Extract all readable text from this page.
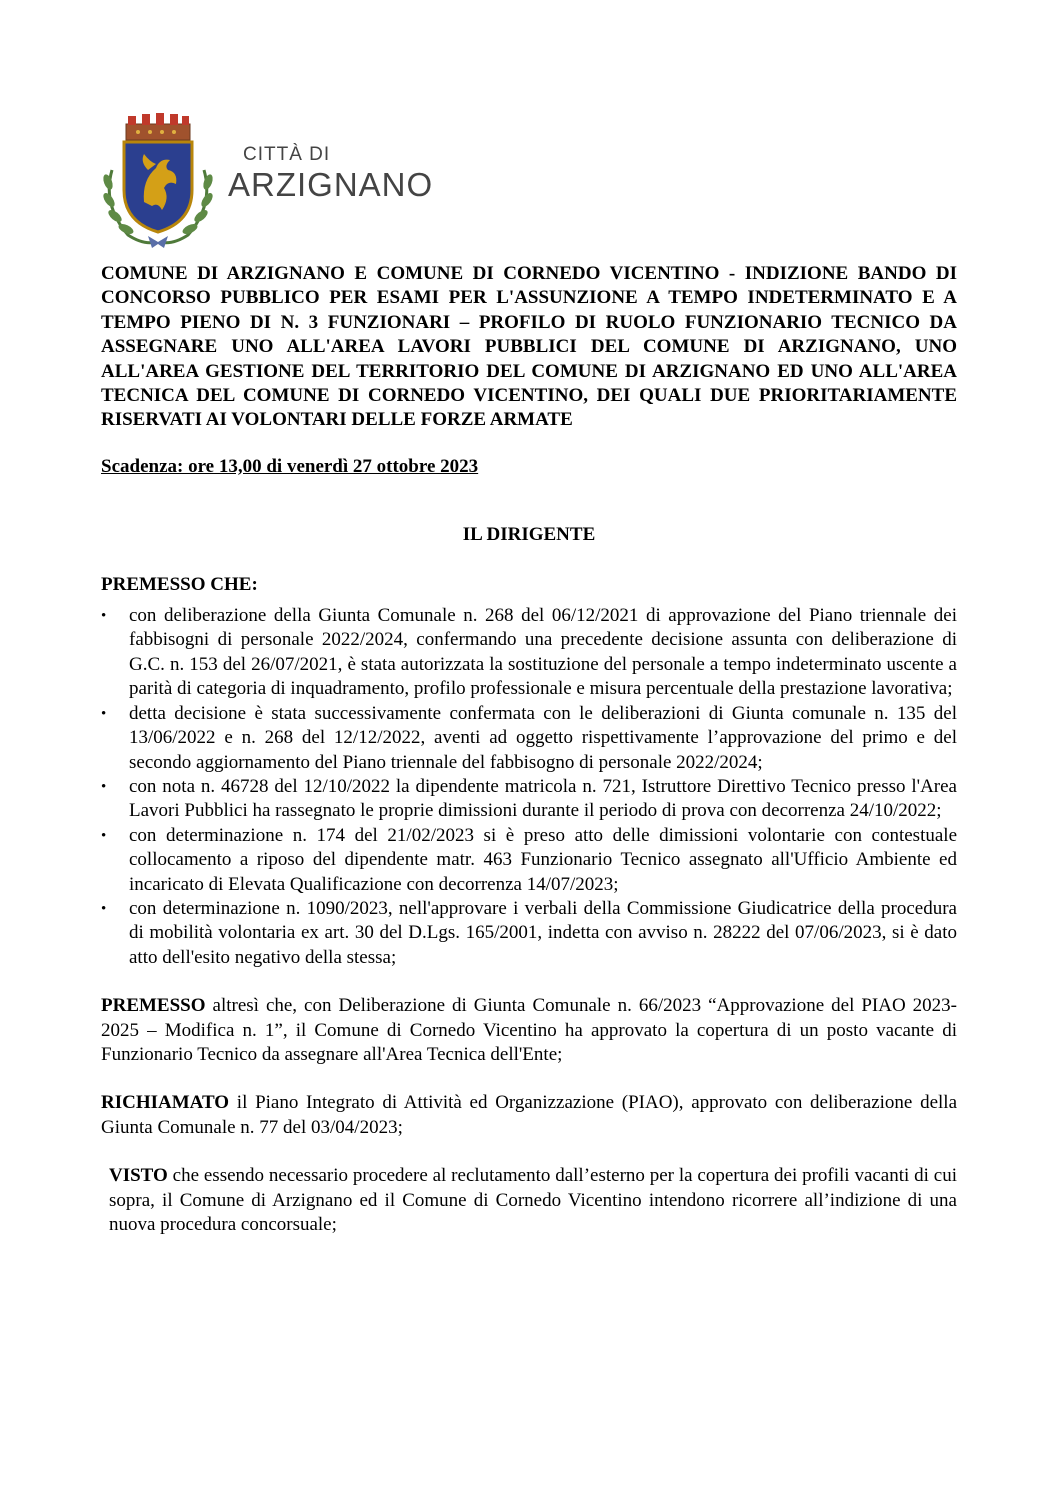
CITTÀ DI
ARZIGNANO

COMUNE DI ARZIGNANO E COMUNE DI CORNEDO VICENTINO - INDIZIONE BANDO DI CONCORSO PUBBLICO PER ESAMI PER L'ASSUNZIONE A TEMPO INDETERMINATO E A TEMPO PIENO DI N. 3 FUNZIONARI – PROFILO DI RUOLO FUNZIONARIO TECNICO DA ASSEGNARE UNO ALL'AREA LAVORI PUBBLICI DEL COMUNE DI ARZIGNANO, UNO ALL'AREA GESTIONE DEL TERRITORIO DEL COMUNE DI ARZIGNANO ED UNO ALL'AREA TECNICA DEL COMUNE DI CORNEDO VICENTINO, DEI QUALI DUE PRIORITARIAMENTE RISERVATI AI VOLONTARI DELLE FORZE ARMATE

Scadenza: ore 13,00 di venerdì 27 ottobre 2023

IL DIRIGENTE

PREMESSO CHE:

• con deliberazione della Giunta Comunale n. 268 del 06/12/2021 di approvazione del Piano triennale dei fabbisogni di personale 2022/2024, confermando una precedente decisione assunta con deliberazione di G.C. n. 153 del 26/07/2021, è stata autorizzata la sostituzione del personale a tempo indeterminato uscente a parità di categoria di inquadramento, profilo professionale e misura percentuale della prestazione lavorativa;
• detta decisione è stata successivamente confermata con le deliberazioni di Giunta comunale n. 135 del 13/06/2022 e n. 268 del 12/12/2022, aventi ad oggetto rispettivamente l’approvazione del primo e del secondo aggiornamento del Piano triennale del fabbisogno di personale 2022/2024;
• con nota n. 46728 del 12/10/2022 la dipendente matricola n. 721, Istruttore Direttivo Tecnico presso l'Area Lavori Pubblici ha rassegnato le proprie dimissioni durante il periodo di prova con decorrenza 24/10/2022;
• con determinazione n. 174 del 21/02/2023 si è preso atto delle dimissioni volontarie con contestuale collocamento a riposo del dipendente matr. 463 Funzionario Tecnico assegnato all'Ufficio Ambiente ed incaricato di Elevata Qualificazione con decorrenza 14/07/2023;
• con determinazione n. 1090/2023, nell'approvare i verbali della Commissione Giudicatrice della procedura di mobilità volontaria ex art. 30 del D.Lgs. 165/2001, indetta con avviso n. 28222 del 07/06/2023, si è dato atto dell'esito negativo della stessa;

PREMESSO altresì che, con Deliberazione di Giunta Comunale n. 66/2023 “Approvazione del PIAO 2023-2025 – Modifica n. 1”, il Comune di Cornedo Vicentino ha approvato la copertura di un posto vacante di Funzionario Tecnico da assegnare all'Area Tecnica dell'Ente;

RICHIAMATO il Piano Integrato di Attività ed Organizzazione (PIAO), approvato con deliberazione della Giunta Comunale n. 77 del 03/04/2023;

VISTO che essendo necessario procedere al reclutamento dall’esterno per la copertura dei profili vacanti di cui sopra, il Comune di Arzignano ed il Comune di Cornedo Vicentino intendono ricorrere all’indizione di una nuova procedura concorsuale;
